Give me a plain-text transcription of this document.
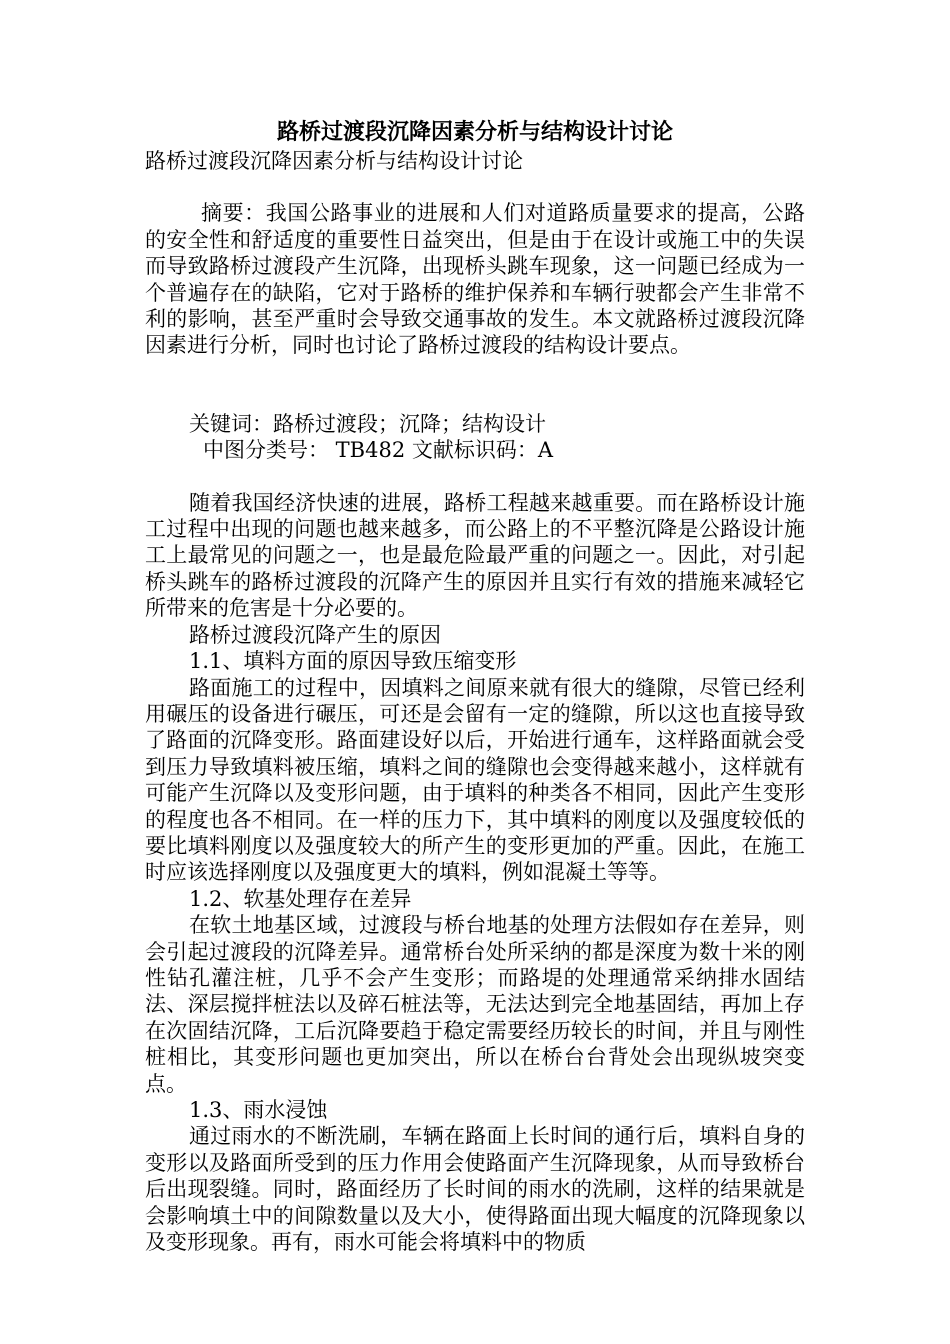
路桥过渡段沉降因素分析与结构设计讨论

路桥过渡段沉降因素分析与结构设计讨论

摘要：我国公路事业的进展和人们对道路质量要求的提高，公路的安全性和舒适度的重要性日益突出，但是由于在设计或施工中的失误而导致路桥过渡段产生沉降，出现桥头跳车现象，这一问题已经成为一个普遍存在的缺陷，它对于路桥的维护保养和车辆行驶都会产生非常不利的影响，甚至严重时会导致交通事故的发生。本文就路桥过渡段沉降因素进行分析，同时也讨论了路桥过渡段的结构设计要点。

关键词：路桥过渡段；沉降；结构设计

中图分类号： TB482 文献标识码：A

随着我国经济快速的进展，路桥工程越来越重要。而在路桥设计施工过程中出现的问题也越来越多，而公路上的不平整沉降是公路设计施工上最常见的问题之一，也是最危险最严重的问题之一。因此，对引起桥头跳车的路桥过渡段的沉降产生的原因并且实行有效的措施来减轻它所带来的危害是十分必要的。

路桥过渡段沉降产生的原因

1.1、填料方面的原因导致压缩变形

路面施工的过程中，因填料之间原来就有很大的缝隙，尽管已经利用碾压的设备进行碾压，可还是会留有一定的缝隙，所以这也直接导致了路面的沉降变形。路面建设好以后，开始进行通车，这样路面就会受到压力导致填料被压缩，填料之间的缝隙也会变得越来越小，这样就有可能产生沉降以及变形问题，由于填料的种类各不相同，因此产生变形的程度也各不相同。在一样的压力下，其中填料的刚度以及强度较低的要比填料刚度以及强度较大的所产生的变形更加的严重。因此，在施工时应该选择刚度以及强度更大的填料，例如混凝土等等。

1.2、软基处理存在差异

在软土地基区域，过渡段与桥台地基的处理方法假如存在差异，则会引起过渡段的沉降差异。通常桥台处所采纳的都是深度为数十米的刚性钻孔灌注桩，几乎不会产生变形；而路堤的处理通常采纳排水固结法、深层搅拌桩法以及碎石桩法等，无法达到完全地基固结，再加上存在次固结沉降，工后沉降要趋于稳定需要经历较长的时间，并且与刚性桩相比，其变形问题也更加突出，所以在桥台台背处会出现纵坡突变点。

1.3、雨水浸蚀

通过雨水的不断洗刷，车辆在路面上长时间的通行后，填料自身的变形以及路面所受到的压力作用会使路面产生沉降现象，从而导致桥台后出现裂缝。同时，路面经历了长时间的雨水的洗刷，这样的结果就是会影响填土中的间隙数量以及大小，使得路面出现大幅度的沉降现象以及变形现象。再有，雨水可能会将填料中的物质
